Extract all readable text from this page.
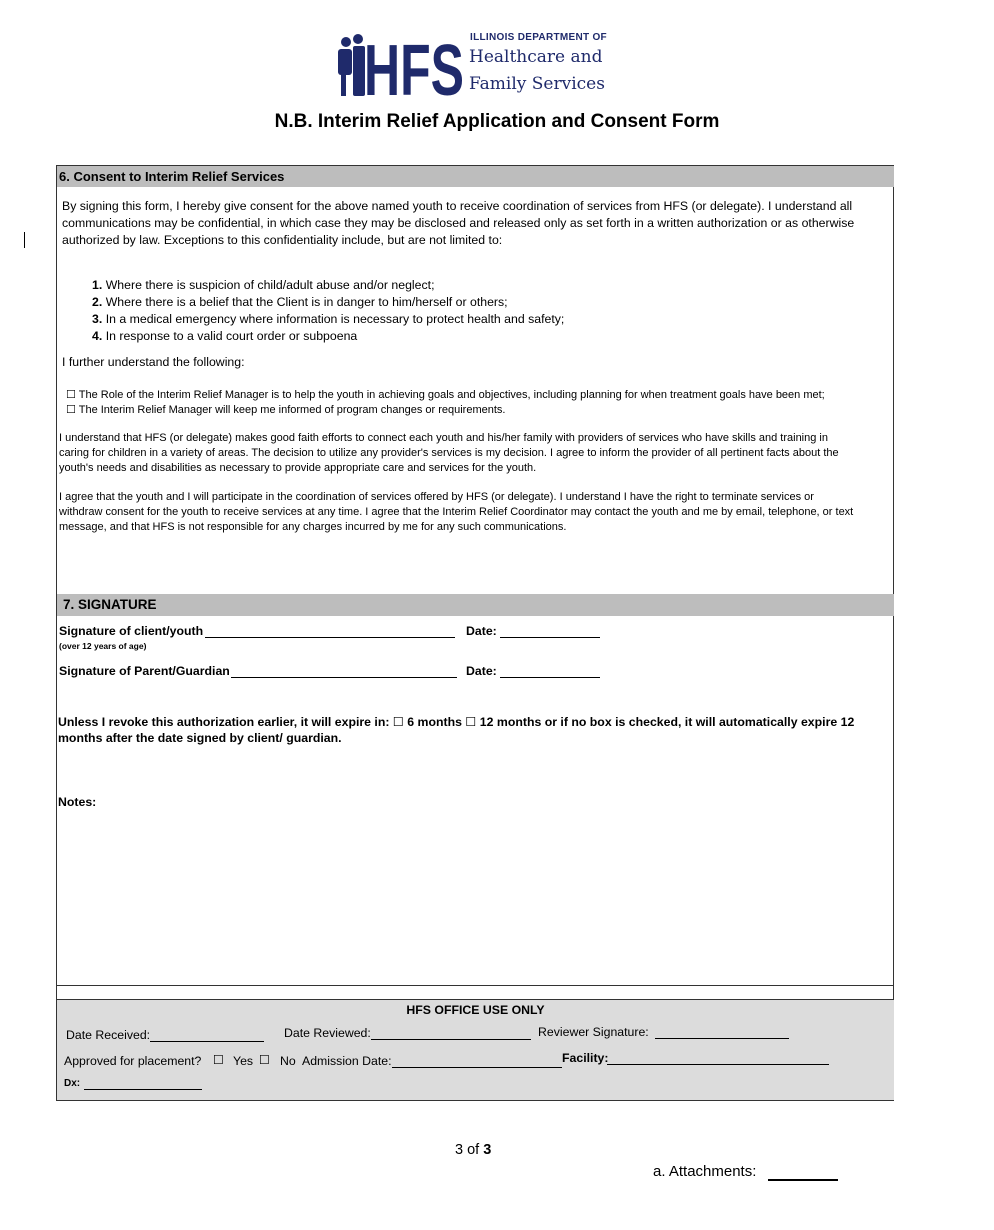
HFS ILLINOIS DEPARTMENT OF
Healthcare and
Family Services
N.B. Interim Relief Application and Consent Form
6. Consent to Interim Relief Services
By signing this form, I hereby give consent for the above named youth to receive coordination of services from HFS (or delegate). I understand all communications may be confidential, in which case they may be disclosed and released only as set forth in a written authorization or as otherwise authorized by law. Exceptions to this confidentiality include, but are not limited to:
1. Where there is suspicion of child/adult abuse and/or neglect;
2. Where there is a belief that the Client is in danger to him/herself or others;
3. In a medical emergency where information is necessary to protect health and safety;
4. In response to a valid court order or subpoena
I further understand the following:
☐ The Role of the Interim Relief Manager is to help the youth in achieving goals and objectives, including planning for when treatment goals have been met;
☐ The Interim Relief Manager will keep me informed of program changes or requirements.
I understand that HFS (or delegate) makes good faith efforts to connect each youth and his/her family with providers of services who have skills and training in caring for children in a variety of areas. The decision to utilize any provider's services is my decision. I agree to inform the provider of all pertinent facts about the youth's needs and disabilities as necessary to provide appropriate care and services for the youth.
I agree that the youth and I will participate in the coordination of services offered by HFS (or delegate). I understand I have the right to terminate services or withdraw consent for the youth to receive services at any time. I agree that the Interim Relief Coordinator may contact the youth and me by email, telephone, or text message, and that HFS is not responsible for any charges incurred by me for any such communications.
7. SIGNATURE
Signature of client/youth	Date:
(over 12 years of age)
Signature of Parent/Guardian	Date:
Unless I revoke this authorization earlier, it will expire in: ☐ 6 months ☐ 12 months or if no box is checked, it will automatically expire 12 months after the date signed by client/ guardian.
Notes:
HFS OFFICE USE ONLY
Date Received:	Date Reviewed:	Reviewer Signature:
Approved for placement? ☐ Yes ☐ No Admission Date:	Facility:
Dx:
3 of 3
a. Attachments:
